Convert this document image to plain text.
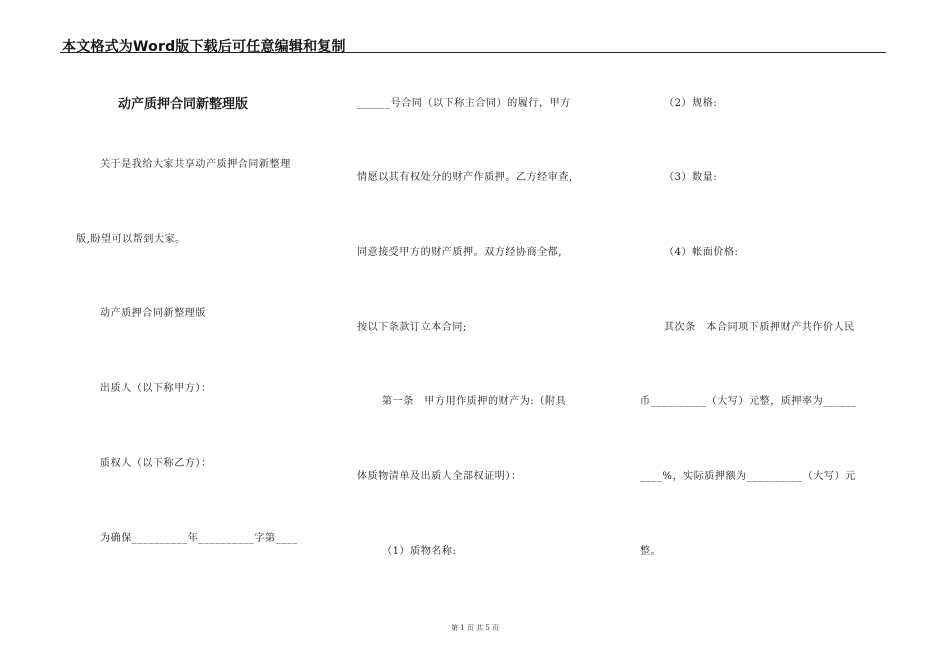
本文格式为Word版下载后可任意编辑和复制
动产质押合同新整理版
关于是我给大家共享动产质押合同新整理
版,盼望可以帮到大家。
动产质押合同新整理版
出质人（以下称甲方）：
质权人（以下称乙方）：
为确保__________年__________字第____
______号合同（以下称主合同）的履行，甲方
情愿以其有权处分的财产作质押。乙方经审查,
同意接受甲方的财产质押。双方经协商全都,
按以下条款订立本合同;
第一条　甲方用作质押的财产为:（附具
体质物清单及出质人全部权证明）：
（1）质物名称:
（2）规格:
（3）数量:
（4）帐面价格:
其次条　本合同项下质押财产共作价人民
币__________（大写）元整，质押率为______
____%，实际质押额为__________（大写）元
整。
第 1 页 共 5 页
